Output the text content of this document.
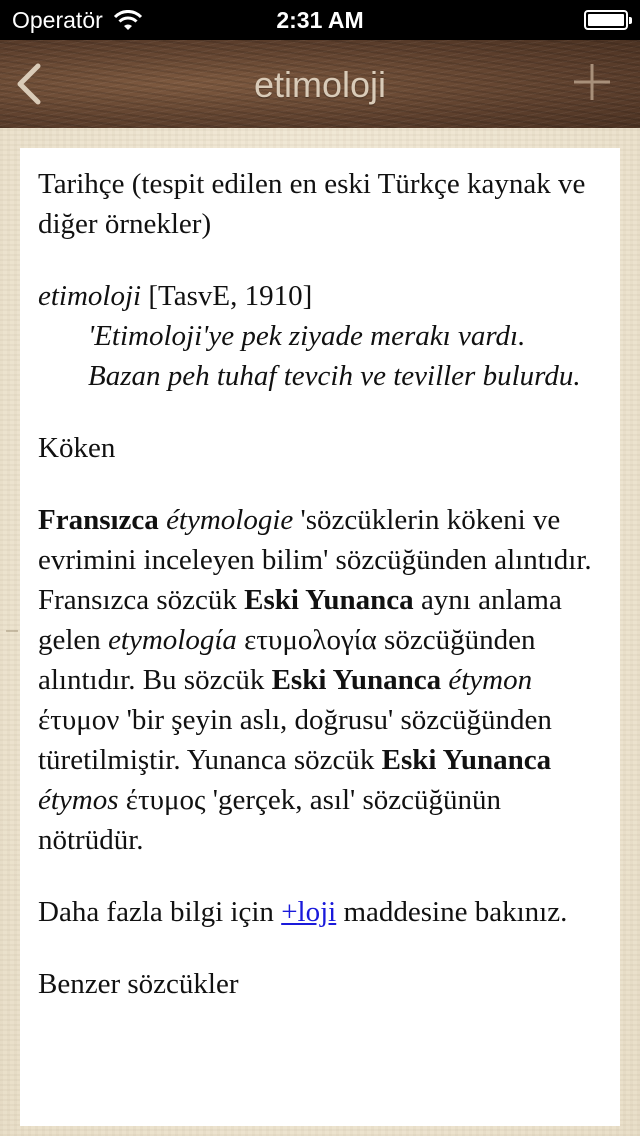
Operatör	2:31 AM
etimoloji

Tarihçe (tespit edilen en eski Türkçe kaynak ve diğer örnekler)

etimoloji [TasvE, 1910]
'Etimoloji'ye pek ziyade merakı vardı. Bazan peh tuhaf tevcih ve teviller bulurdu.

Köken

Fransızca étymologie 'sözcüklerin kökeni ve evrimini inceleyen bilim' sözcüğünden alıntıdır. Fransızca sözcük Eski Yunanca aynı anlama gelen etymologίa ετυμολογία sözcüğünden alıntıdır. Bu sözcük Eski Yunanca étymon έτυμον 'bir şeyin aslı, doğrusu' sözcüğünden türetilmiştir. Yunanca sözcük Eski Yunanca étymos έτυμος 'gerçek, asıl' sözcüğünün nötrüdür.

Daha fazla bilgi için +loji maddesine bakınız.

Benzer sözcükler
